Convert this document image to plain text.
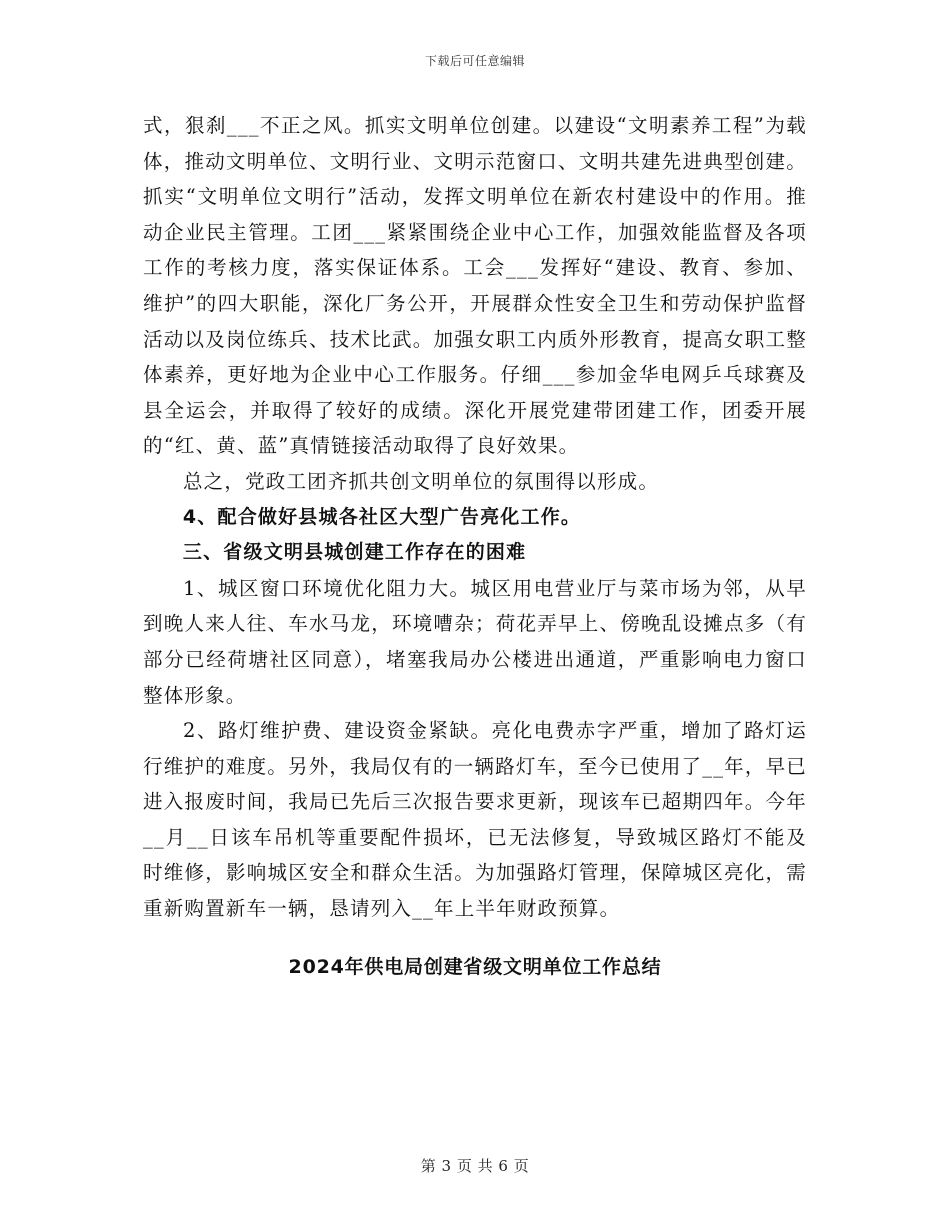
下载后可任意编辑

式，狠刹___不正之风。抓实文明单位创建。以建设“文明素养工程”为载体，推动文明单位、文明行业、文明示范窗口、文明共建先进典型创建。抓实“文明单位文明行”活动，发挥文明单位在新农村建设中的作用。推动企业民主管理。工团___紧紧围绕企业中心工作，加强效能监督及各项工作的考核力度，落实保证体系。工会___发挥好“建设、教育、参加、维护”的四大职能，深化厂务公开，开展群众性安全卫生和劳动保护监督活动以及岗位练兵、技术比武。加强女职工内质外形教育，提高女职工整体素养，更好地为企业中心工作服务。仔细___参加金华电网乒乓球赛及县全运会，并取得了较好的成绩。深化开展党建带团建工作，团委开展的“红、黄、蓝”真情链接活动取得了良好效果。

总之，党政工团齐抓共创文明单位的氛围得以形成。

4、配合做好县城各社区大型广告亮化工作。

三、省级文明县城创建工作存在的困难

1、城区窗口环境优化阻力大。城区用电营业厅与菜市场为邻，从早到晚人来人往、车水马龙，环境嘈杂；荷花弄早上、傍晚乱设摊点多（有部分已经荷塘社区同意），堵塞我局办公楼进出通道，严重影响电力窗口整体形象。

2、路灯维护费、建设资金紧缺。亮化电费赤字严重，增加了路灯运行维护的难度。另外，我局仅有的一辆路灯车，至今已使用了__年，早已进入报废时间，我局已先后三次报告要求更新，现该车已超期四年。今年__月__日该车吊机等重要配件损坏，已无法修复，导致城区路灯不能及时维修，影响城区安全和群众生活。为加强路灯管理，保障城区亮化，需重新购置新车一辆，恳请列入__年上半年财政预算。

2024年供电局创建省级文明单位工作总结
第 3 页 共 6 页
